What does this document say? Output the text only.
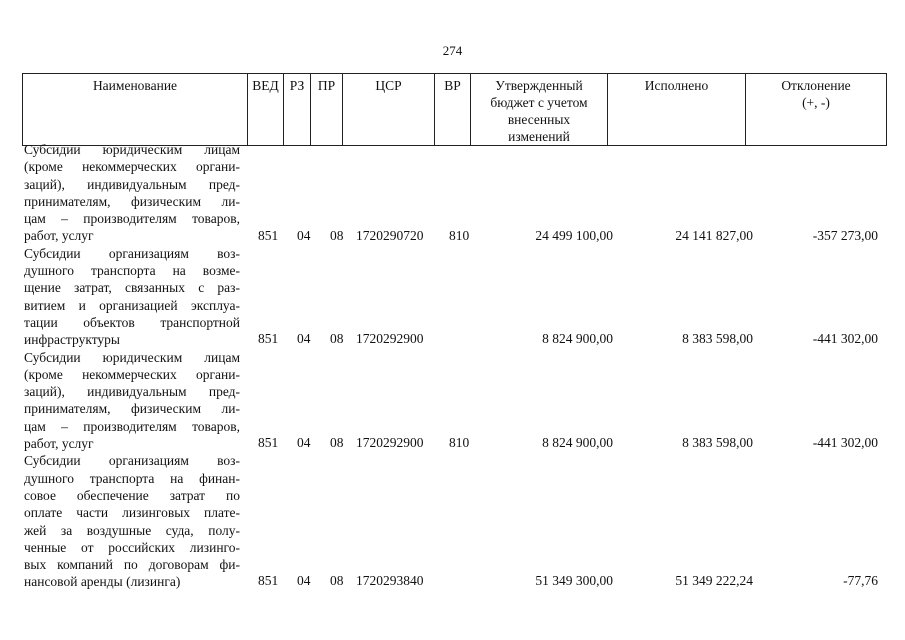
274
Наименование	ВЕД	РЗ	ПР	ЦСР	ВР	Утвержденный бюджет с учетом внесенных изменений	Исполнено	Отклонение (+, -)
Субсидии юридическим лицам
(кроме некоммерческих органи-
заций), индивидуальным пред-
принимателям, физическим ли-
цам – производителям товаров,
работ, услуг	851 04 08 1720290720 810	24 499 100,00	24 141 827,00	-357 273,00
Субсидии организациям воз-
душного транспорта на возме-
щение затрат, связанных с раз-
витием и организацией эксплуа-
тации объектов транспортной
инфраструктуры	851 04 08 1720292900	8 824 900,00	8 383 598,00	-441 302,00
Субсидии юридическим лицам
(кроме некоммерческих органи-
заций), индивидуальным пред-
принимателям, физическим ли-
цам – производителям товаров,
работ, услуг	851 04 08 1720292900 810	8 824 900,00	8 383 598,00	-441 302,00
Субсидии организациям воз-
душного транспорта на финан-
совое обеспечение затрат по
оплате части лизинговых плате-
жей за воздушные суда, полу-
ченные от российских лизинго-
вых компаний по договорам фи-
нансовой аренды (лизинга)	851 04 08 1720293840	51 349 300,00	51 349 222,24	-77,76
